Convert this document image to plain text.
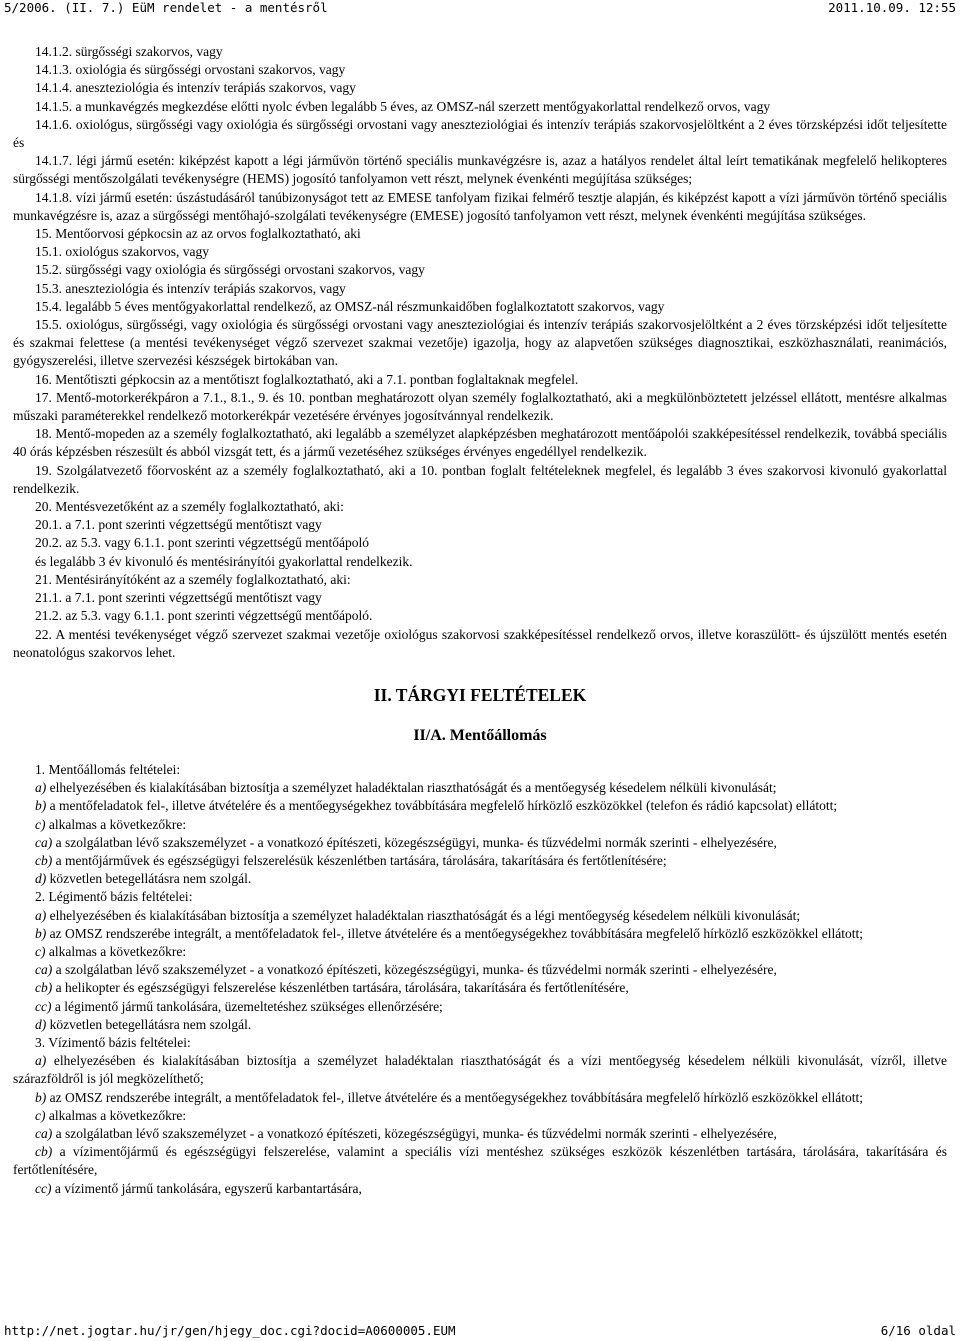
5/2006. (II. 7.) EüM rendelet - a mentésről	2011.10.09. 12:55

14.1.2. sürgősségi szakorvos, vagy

14.1.3. oxiológia és sürgősségi orvostani szakorvos, vagy

14.1.4. aneszteziológia és intenzív terápiás szakorvos, vagy

14.1.5. a munkavégzés megkezdése előtti nyolc évben legalább 5 éves, az OMSZ-nál szerzett mentőgyakorlattal rendelkező orvos, vagy

14.1.6. oxiológus, sürgősségi vagy oxiológia és sürgősségi orvostani vagy aneszteziológiai és intenzív terápiás szakorvosjelöltként a 2 éves törzsképzési időt teljesítette és

14.1.7. légi jármű esetén: kiképzést kapott a légi járművön történő speciális munkavégzésre is, azaz a hatályos rendelet által leírt tematikának megfelelő helikopteres sürgősségi mentőszolgálati tevékenységre (HEMS) jogosító tanfolyamon vett részt, melynek évenkénti megújítása szükséges;

14.1.8. vízi jármű esetén: úszástudásáról tanúbizonyságot tett az EMESE tanfolyam fizikai felmérő tesztje alapján, és kiképzést kapott a vízi járművön történő speciális munkavégzésre is, azaz a sürgősségi mentőhajó-szolgálati tevékenységre (EMESE) jogosító tanfolyamon vett részt, melynek évenkénti megújítása szükséges.

15. Mentőorvosi gépkocsin az az orvos foglalkoztatható, aki

15.1. oxiológus szakorvos, vagy

15.2. sürgősségi vagy oxiológia és sürgősségi orvostani szakorvos, vagy

15.3. aneszteziológia és intenzív terápiás szakorvos, vagy

15.4. legalább 5 éves mentőgyakorlattal rendelkező, az OMSZ-nál részmunkaidőben foglalkoztatott szakorvos, vagy

15.5. oxiológus, sürgősségi, vagy oxiológia és sürgősségi orvostani vagy aneszteziológiai és intenzív terápiás szakorvosjelöltként a 2 éves törzsképzési időt teljesítette és szakmai felettese (a mentési tevékenységet végző szervezet szakmai vezetője) igazolja, hogy az alapvetően szükséges diagnosztikai, eszközhasználati, reanimációs, gyógyszerelési, illetve szervezési készségek birtokában van.

16. Mentőtiszti gépkocsin az a mentőtiszt foglalkoztatható, aki a 7.1. pontban foglaltaknak megfelel.

17. Mentő-motorkerékpáron a 7.1., 8.1., 9. és 10. pontban meghatározott olyan személy foglalkoztatható, aki a megkülönböztetett jelzéssel ellátott, mentésre alkalmas műszaki paraméterekkel rendelkező motorkerékpár vezetésére érvényes jogosítvánnyal rendelkezik.

18. Mentő-mopeden az a személy foglalkoztatható, aki legalább a személyzet alapképzésben meghatározott mentőápolói szakképesítéssel rendelkezik, továbbá speciális 40 órás képzésben részesült és abból vizsgát tett, és a jármű vezetéséhez szükséges érvényes engedéllyel rendelkezik.

19. Szolgálatvezető főorvosként az a személy foglalkoztatható, aki a 10. pontban foglalt feltételeknek megfelel, és legalább 3 éves szakorvosi kivonuló gyakorlattal rendelkezik.

20. Mentésvezetőként az a személy foglalkoztatható, aki:

20.1. a 7.1. pont szerinti végzettségű mentőtiszt vagy

20.2. az 5.3. vagy 6.1.1. pont szerinti végzettségű mentőápoló

és legalább 3 év kivonuló és mentésirányítói gyakorlattal rendelkezik.

21. Mentésirányítóként az a személy foglalkoztatható, aki:

21.1. a 7.1. pont szerinti végzettségű mentőtiszt vagy

21.2. az 5.3. vagy 6.1.1. pont szerinti végzettségű mentőápoló.

22. A mentési tevékenységet végző szervezet szakmai vezetője oxiológus szakorvosi szakképesítéssel rendelkező orvos, illetve koraszülött- és újszülött mentés esetén neonatológus szakorvos lehet.

II. TÁRGYI FELTÉTELEK
II/A. Mentőállomás

1. Mentőállomás feltételei:

a) elhelyezésében és kialakításában biztosítja a személyzet haladéktalan riaszthatóságát és a mentőegység késedelem nélküli kivonulását;

b) a mentőfeladatok fel-, illetve átvételére és a mentőegységekhez továbbítására megfelelő hírközlő eszközökkel (telefon és rádió kapcsolat) ellátott;

c) alkalmas a következőkre:

ca) a szolgálatban lévő szakszemélyzet - a vonatkozó építészeti, közegészségügyi, munka- és tűzvédelmi normák szerinti - elhelyezésére,

cb) a mentőjárművek és egészségügyi felszerelésük készenlétben tartására, tárolására, takarítására és fertőtlenítésére;

d) közvetlen betegellátásra nem szolgál.

2. Légimentő bázis feltételei:

a) elhelyezésében és kialakításában biztosítja a személyzet haladéktalan riaszthatóságát és a légi mentőegység késedelem nélküli kivonulását;

b) az OMSZ rendszerébe integrált, a mentőfeladatok fel-, illetve átvételére és a mentőegységekhez továbbítására megfelelő hírközlő eszközökkel ellátott;

c) alkalmas a következőkre:

ca) a szolgálatban lévő szakszemélyzet - a vonatkozó építészeti, közegészségügyi, munka- és tűzvédelmi normák szerinti - elhelyezésére,

cb) a helikopter és egészségügyi felszerelése készenlétben tartására, tárolására, takarítására és fertőtlenítésére,

cc) a légimentő jármű tankolására, üzemeltetéshez szükséges ellenőrzésére;

d) közvetlen betegellátásra nem szolgál.

3. Vízimentő bázis feltételei:

a) elhelyezésében és kialakításában biztosítja a személyzet haladéktalan riaszthatóságát és a vízi mentőegység késedelem nélküli kivonulását, vízről, illetve szárazföldről is jól megközelíthető;

b) az OMSZ rendszerébe integrált, a mentőfeladatok fel-, illetve átvételére és a mentőegységekhez továbbítására megfelelő hírközlő eszközökkel ellátott;

c) alkalmas a következőkre:

ca) a szolgálatban lévő szakszemélyzet - a vonatkozó építészeti, közegészségügyi, munka- és tűzvédelmi normák szerinti - elhelyezésére,

cb) a vízimentőjármű és egészségügyi felszerelése, valamint a speciális vízi mentéshez szükséges eszközök készenlétben tartására, tárolására, takarítására és fertőtlenítésére,

cc) a vízimentő jármű tankolására, egyszerű karbantartására,

http://net.jogtar.hu/jr/gen/hjegy_doc.cgi?docid=A0600005.EUM	6/16 oldal
